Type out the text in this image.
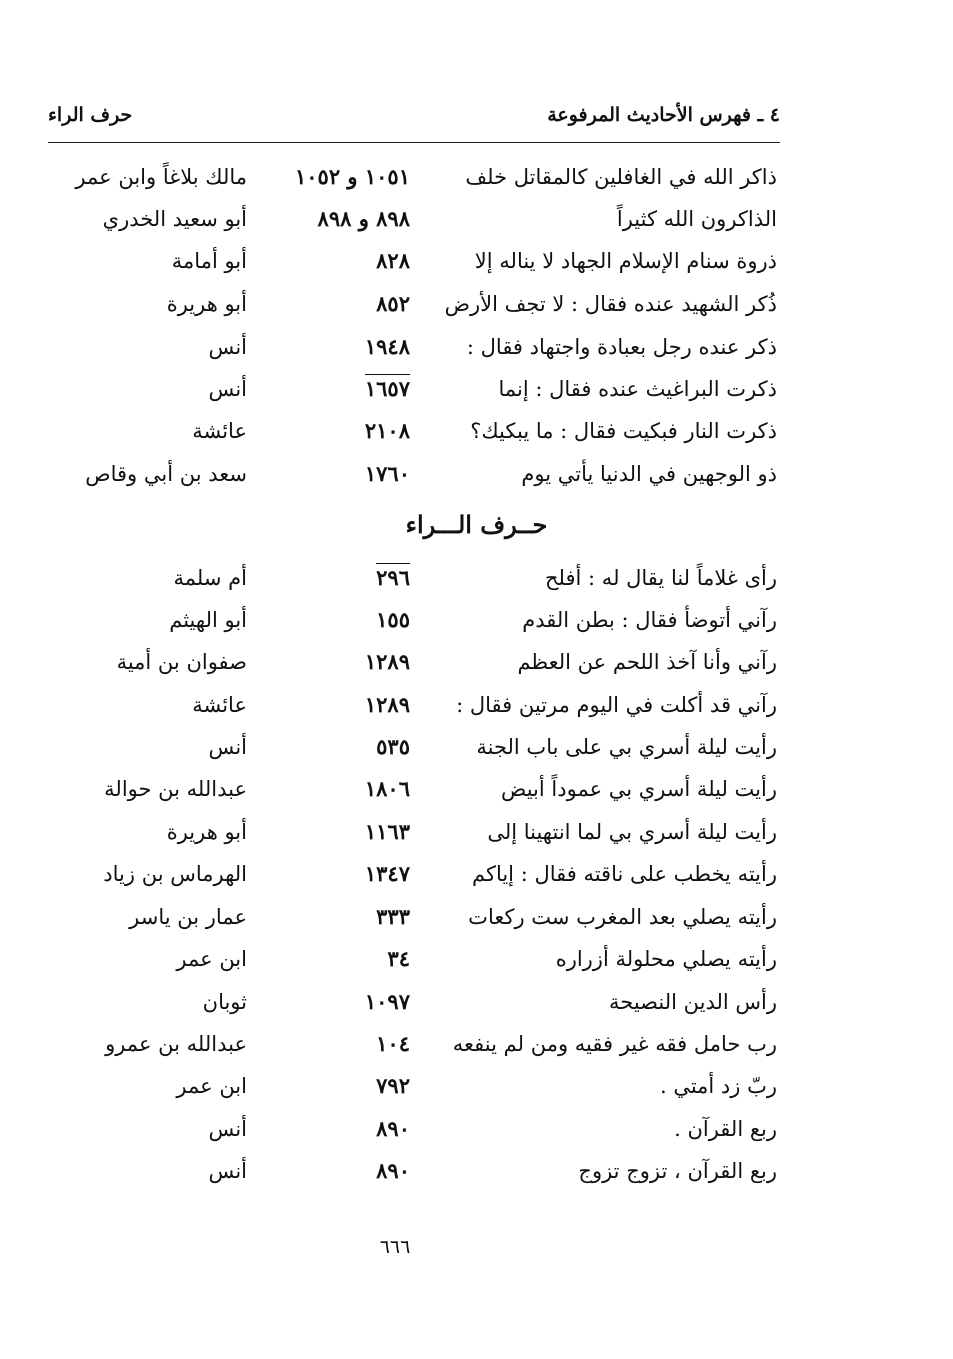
٤ ـ فهرس الأحاديث المرفوعة
حرف الراء
ذاكر الله في الغافلين كالمقاتل خلف
١٠٥١ و ١٠٥٢
مالك بلاغاً وابن عمر
الذاكرون الله كثيراً
٨٩٨ و ٨٩٨
أبو سعيد الخدري
ذروة سنام الإسلام الجهاد لا يناله إلا
٨٢٨
أبو أمامة
ذُكر الشهيد عنده فقال : لا تجف الأرض
٨٥٢
أبو هريرة
ذكر عنده رجل بعبادة واجتهاد فقال :
١٩٤٨
أنس
ذكرت البراغيث عنده فقال : إنما
١٦٥٧
أنس
ذكرت النار فبكيت فقال : ما يبكيك؟
٢١٠٨
عائشة
ذو الوجهين في الدنيا يأتي يوم
١٧٦٠
سعد بن أبي وقاص
حــرف الـــراء
رأى غلاماً لنا يقال له : أفلح
٢٩٦
أم سلمة
رآني أتوضأ فقال : بطن القدم
١٥٥
أبو الهيثم
رآني وأنا آخذ اللحم عن العظم
١٢٨٩
صفوان بن أمية
رآني قد أكلت في اليوم مرتين فقال :
١٢٨٩
عائشة
رأيت ليلة أسري بي على باب الجنة
٥٣٥
أنس
رأيت ليلة أسري بي عموداً أبيض
١٨٠٦
عبدالله بن حوالة
رأيت ليلة أسري بي لما انتهينا إلى
١١٦٣
أبو هريرة
رأيته يخطب على ناقته فقال : إياكم
١٣٤٧
الهرماس بن زياد
رأيته يصلي بعد المغرب ست ركعات
٣٣٣
عمار بن ياسر
رأيته يصلي محلولة أزراره
٣٤
ابن عمر
رأس الدين النصيحة
١٠٩٧
ثوبان
رب حامل فقه غير فقيه ومن لم ينفعه
١٠٤
عبدالله بن عمرو
ربّ زد أمتي .
٧٩٢
ابن عمر
ربع القرآن .
٨٩٠
أنس
ربع القرآن ، تزوج تزوج
٨٩٠
أنس
٦٦٦
